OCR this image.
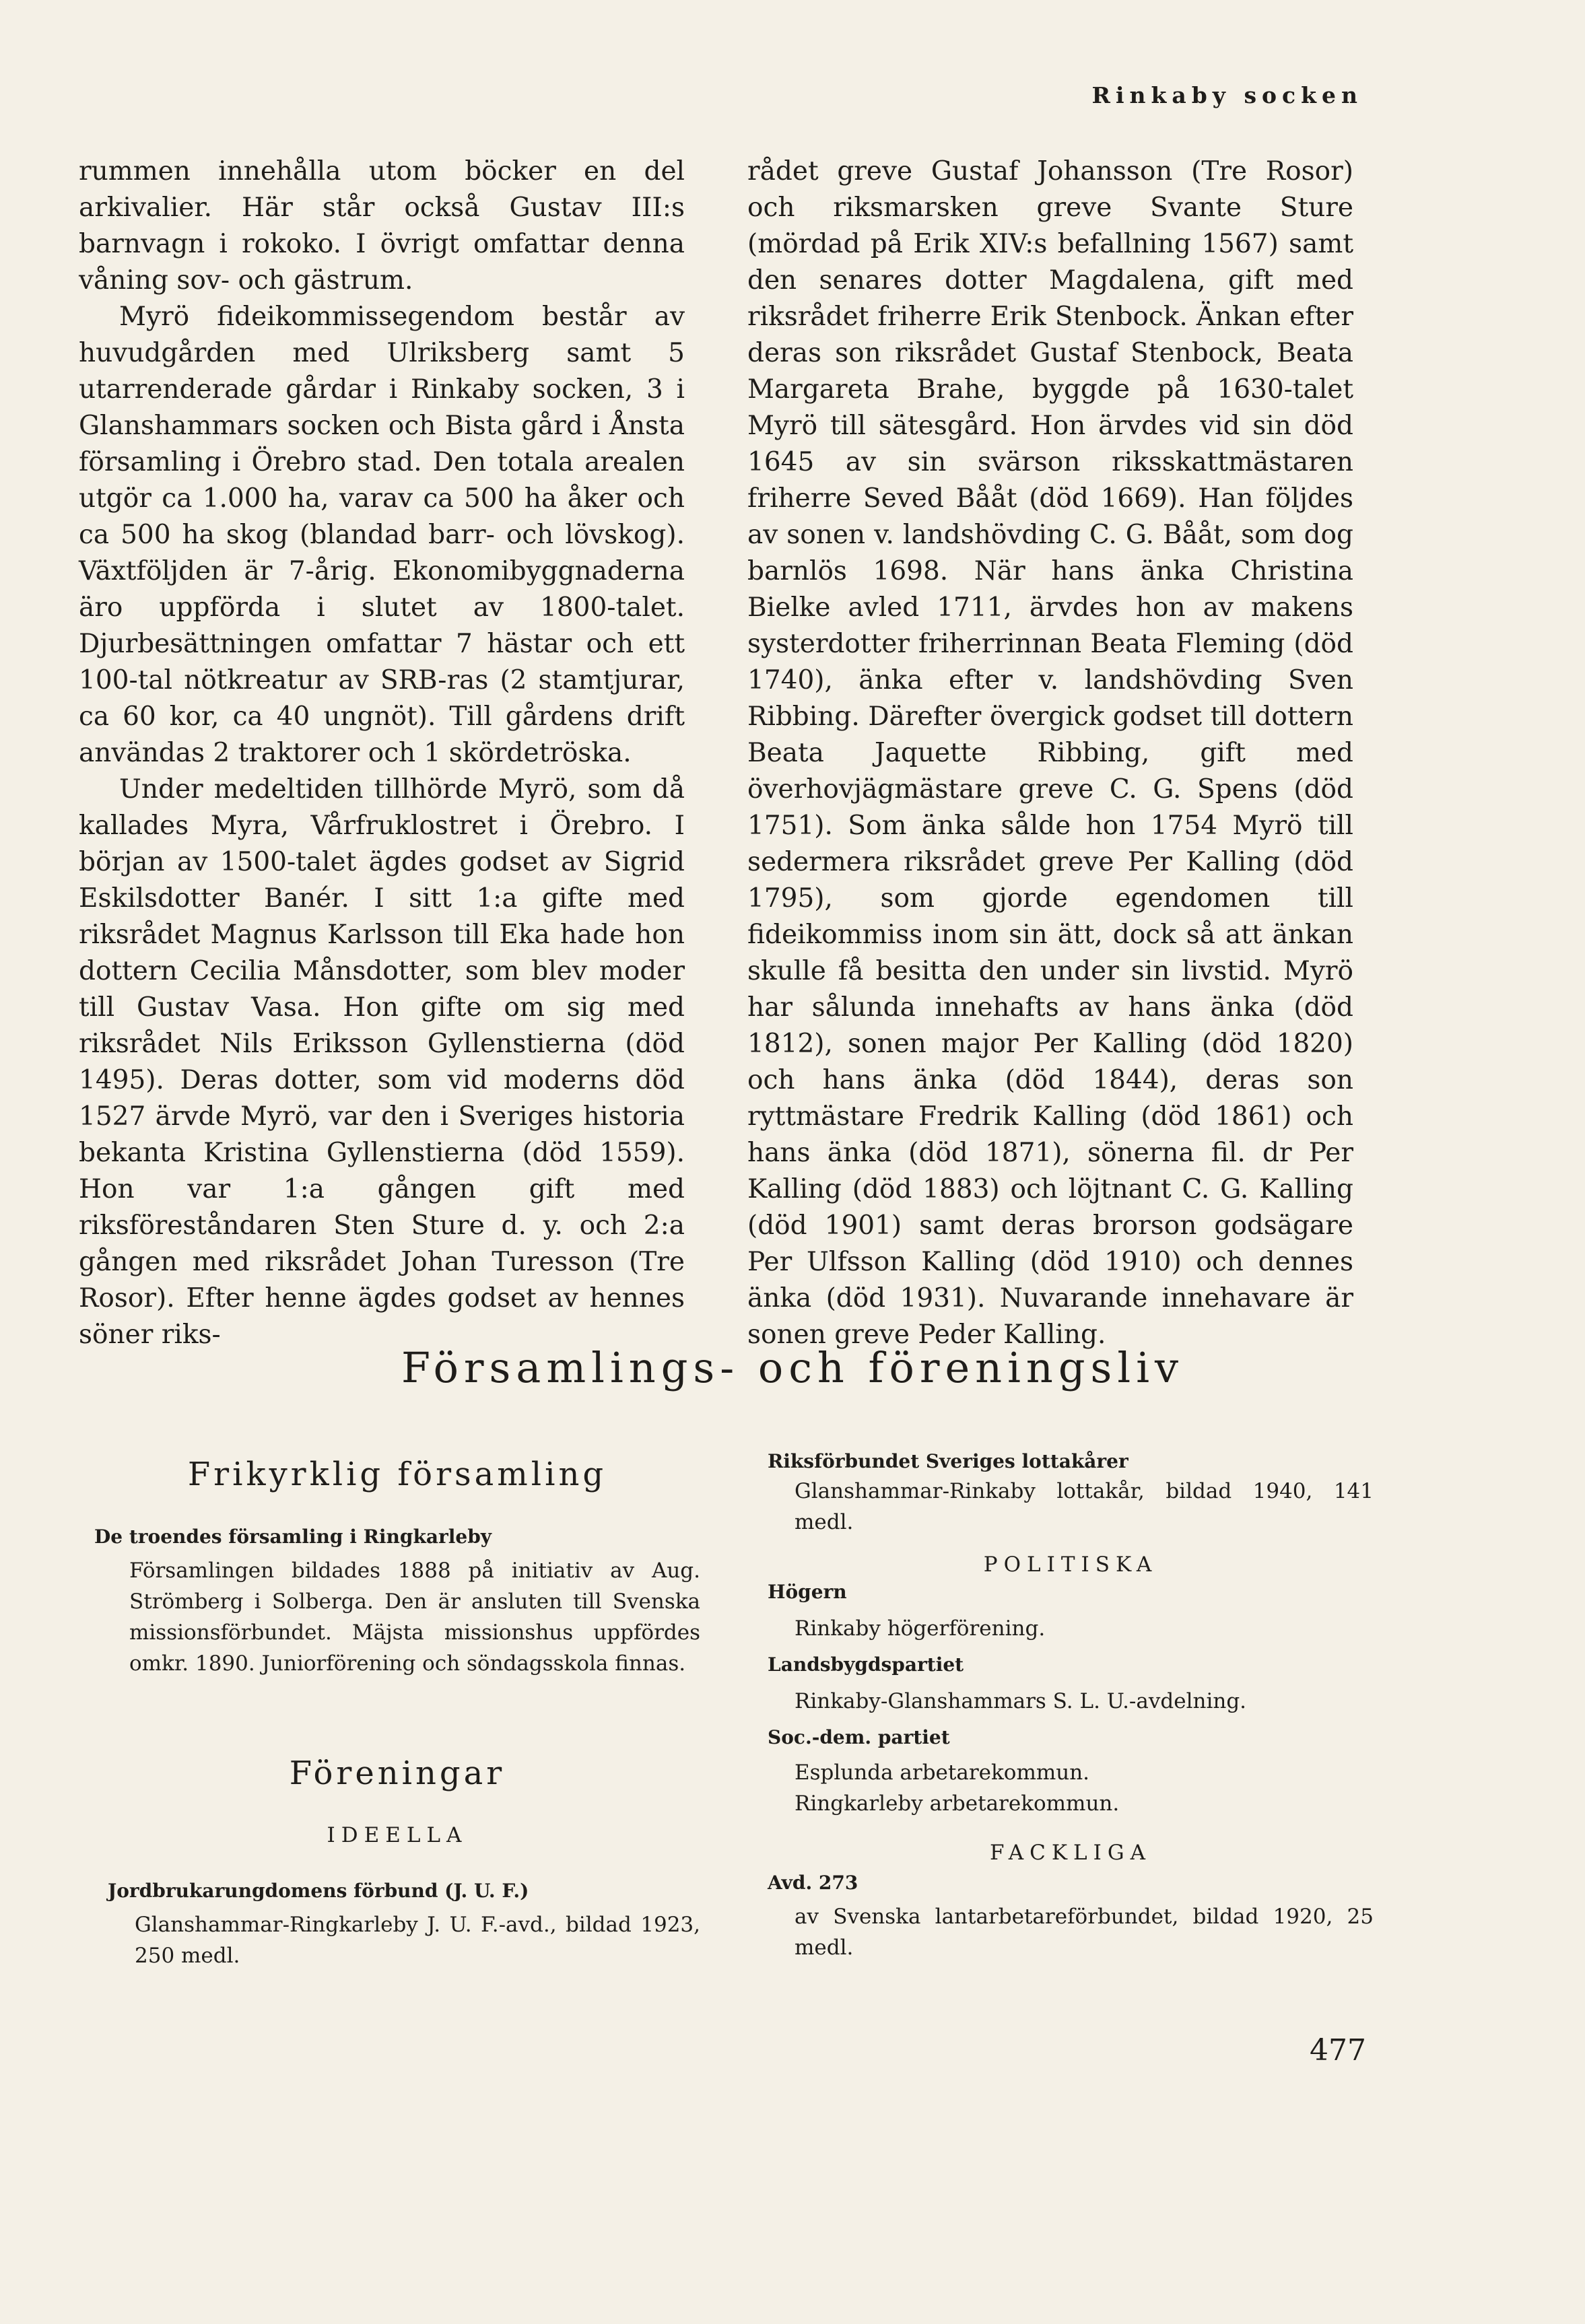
Rinkaby socken

rummen innehålla utom böcker en del arkivalier. Här står också Gustav III:s barnvagn i rokoko. I övrigt omfattar denna våning sov- och gästrum.

Myrö fideikommissegendom består av huvudgården med Ulriksberg samt 5 utarrenderade gårdar i Rinkaby socken, 3 i Glanshammars socken och Bista gård i Ånsta församling i Örebro stad. Den totala arealen utgör ca 1.000 ha, varav ca 500 ha åker och ca 500 ha skog (blandad barr- och lövskog). Växtföljden är 7-årig. Ekonomibyggnaderna äro uppförda i slutet av 1800-talet. Djurbesättningen omfattar 7 hästar och ett 100-tal nötkreatur av SRB-ras (2 stamtjurar, ca 60 kor, ca 40 ungnöt). Till gårdens drift användas 2 traktorer och 1 skördetröska.

Under medeltiden tillhörde Myrö, som då kallades Myra, Vårfruklostret i Örebro. I början av 1500-talet ägdes godset av Sigrid Eskilsdotter Banér. I sitt 1:a gifte med riksrådet Magnus Karlsson till Eka hade hon dottern Cecilia Månsdotter, som blev moder till Gustav Vasa. Hon gifte om sig med riksrådet Nils Eriksson Gyllenstierna (död 1495). Deras dotter, som vid moderns död 1527 ärvde Myrö, var den i Sveriges historia bekanta Kristina Gyllenstierna (död 1559). Hon var 1:a gången gift med riksföreståndaren Sten Sture d. y. och 2:a gången med riksrådet Johan Turesson (Tre Rosor). Efter henne ägdes godset av hennes söner riks-

rådet greve Gustaf Johansson (Tre Rosor) och riksmarsken greve Svante Sture (mördad på Erik XIV:s befallning 1567) samt den senares dotter Magdalena, gift med riksrådet friherre Erik Stenbock. Änkan efter deras son riksrådet Gustaf Stenbock, Beata Margareta Brahe, byggde på 1630-talet Myrö till sätesgård. Hon ärvdes vid sin död 1645 av sin svärson riksskattmästaren friherre Seved Bååt (död 1669). Han följdes av sonen v. landshövding C. G. Bååt, som dog barnlös 1698. När hans änka Christina Bielke avled 1711, ärvdes hon av makens systerdotter friherrinnan Beata Fleming (död 1740), änka efter v. landshövding Sven Ribbing. Därefter övergick godset till dottern Beata Jaquette Ribbing, gift med överhovjägmästare greve C. G. Spens (död 1751). Som änka sålde hon 1754 Myrö till sedermera riksrådet greve Per Kalling (död 1795), som gjorde egendomen till fideikommiss inom sin ätt, dock så att änkan skulle få besitta den under sin livstid. Myrö har sålunda innehafts av hans änka (död 1812), sonen major Per Kalling (död 1820) och hans änka (död 1844), deras son ryttmästare Fredrik Kalling (död 1861) och hans änka (död 1871), sönerna fil. dr Per Kalling (död 1883) och löjtnant C. G. Kalling (död 1901) samt deras brorson godsägare Per Ulfsson Kalling (död 1910) och dennes änka (död 1931). Nuvarande innehavare är sonen greve Peder Kalling.

Församlings- och föreningsliv

Frikyrklig församling

De troendes församling i Ringkarleby

Församlingen bildades 1888 på initiativ av Aug. Strömberg i Solberga. Den är ansluten till Svenska missionsförbundet. Mäjsta missionshus uppfördes omkr. 1890. Juniorförening och söndagsskola finnas.

Föreningar

IDEELLA

Jordbrukarungdomens förbund (J. U. F.)

Glanshammar-Ringkarleby J. U. F.-avd., bildad 1923, 250 medl.

Riksförbundet Sveriges lottakårer

Glanshammar-Rinkaby lottakår, bildad 1940, 141 medl.

POLITISKA

Högern

Rinkaby högerförening.

Landsbygdspartiet

Rinkaby-Glanshammars S. L. U.-avdelning.

Soc.-dem. partiet

Esplunda arbetarekommun.

Ringkarleby arbetarekommun.

FACKLIGA

Avd. 273

av Svenska lantarbetareförbundet, bildad 1920, 25 medl.

477
